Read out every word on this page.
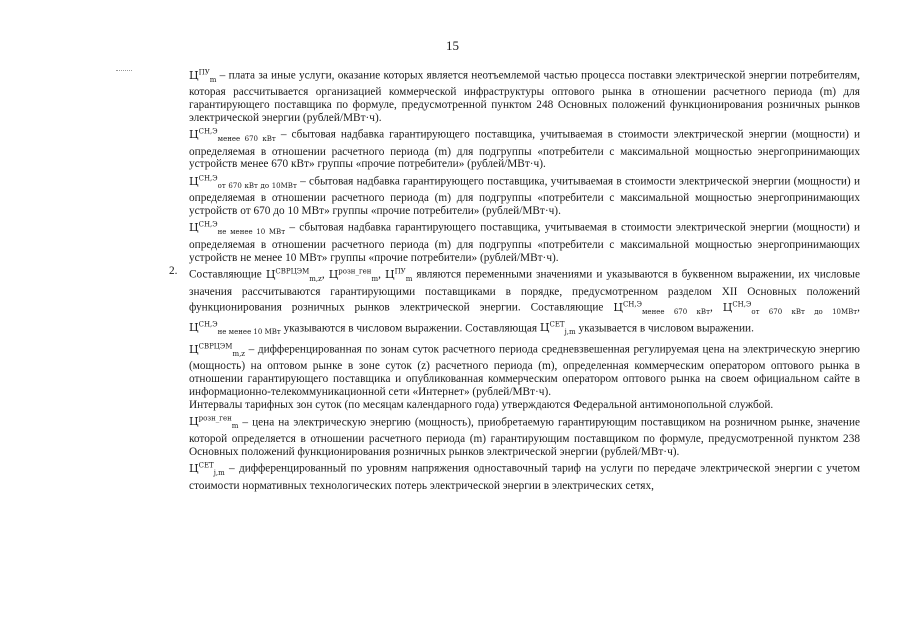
15

$Ц^{ПУ}_m$ – плата за иные услуги, оказание которых является неотъемлемой частью процесса поставки электрической энергии потребителям, которая рассчитывается организацией коммерческой инфраструктуры оптового рынка в отношении расчетного периода (m) для гарантирующего поставщика по формуле, предусмотренной пунктом 248 Основных положений функционирования розничных рынков электрической энергии (рублей/МВт·ч).

$Ц^{СН,Э}_{менее 670 кВт}$ – сбытовая надбавка гарантирующего поставщика, учитываемая в стоимости электрической энергии (мощности) и определяемая в отношении расчетного периода (m) для подгруппы «потребители с максимальной мощностью энергопринимающих устройств менее 670 кВт» группы «прочие потребители» (рублей/МВт·ч).

$Ц^{СН,Э}_{от 670 кВт до 10МВт}$ – сбытовая надбавка гарантирующего поставщика, учитываемая в стоимости электрической энергии (мощности) и определяемая в отношении расчетного периода (m) для подгруппы «потребители с максимальной мощностью энергопринимающих устройств от 670 до 10 МВт» группы «прочие потребители» (рублей/МВт·ч).

$Ц^{СН,Э}_{не менее 10 МВт}$ – сбытовая надбавка гарантирующего поставщика, учитываемая в стоимости электрической энергии (мощности) и определяемая в отношении расчетного периода (m) для подгруппы «потребители с максимальной мощностью энергопринимающих устройств не менее 10 МВт» группы «прочие потребители» (рублей/МВт·ч).

2. Составляющие $Ц^{СВРЦЭМ}_{m,z}$, $Ц^{розн\_ген}_m$, $Ц^{ПУ}_m$ являются переменными значениями и указываются в буквенном выражении, их числовые значения рассчитываются гарантирующими поставщиками в порядке, предусмотренном разделом XII Основных положений функционирования розничных рынков электрической энергии. Составляющие $Ц^{СН,Э}_{менее 670 кВт}$, $Ц^{СН,Э}_{от 670 кВт до 10МВт}$, $Ц^{СН,Э}_{не менее 10 МВт}$ указываются в числовом выражении. Составляющая $Ц^{СЕТ}_{j,m}$ указывается в числовом выражении.

$Ц^{СВРЦЭМ}_{m,z}$ – дифференцированная по зонам суток расчетного периода средневзвешенная регулируемая цена на электрическую энергию (мощность) на оптовом рынке в зоне суток (z) расчетного периода (m), определенная коммерческим оператором оптового рынка в отношении гарантирующего поставщика и опубликованная коммерческим оператором оптового рынка на своем официальном сайте в информационно-телекоммуникационной сети «Интернет» (рублей/МВт·ч).

Интервалы тарифных зон суток (по месяцам календарного года) утверждаются Федеральной антимонопольной службой.

$Ц^{розн\_ген}_m$ – цена на электрическую энергию (мощность), приобретаемую гарантирующим поставщиком на розничном рынке, значение которой определяется в отношении расчетного периода (m) гарантирующим поставщиком по формуле, предусмотренной пунктом 238 Основных положений функционирования розничных рынков электрической энергии (рублей/МВт·ч).

$Ц^{СЕТ}_{j,m}$ – дифференцированный по уровням напряжения одноставочный тариф на услуги по передаче электрической энергии с учетом стоимости нормативных технологических потерь электрической энергии в электрических сетях,
